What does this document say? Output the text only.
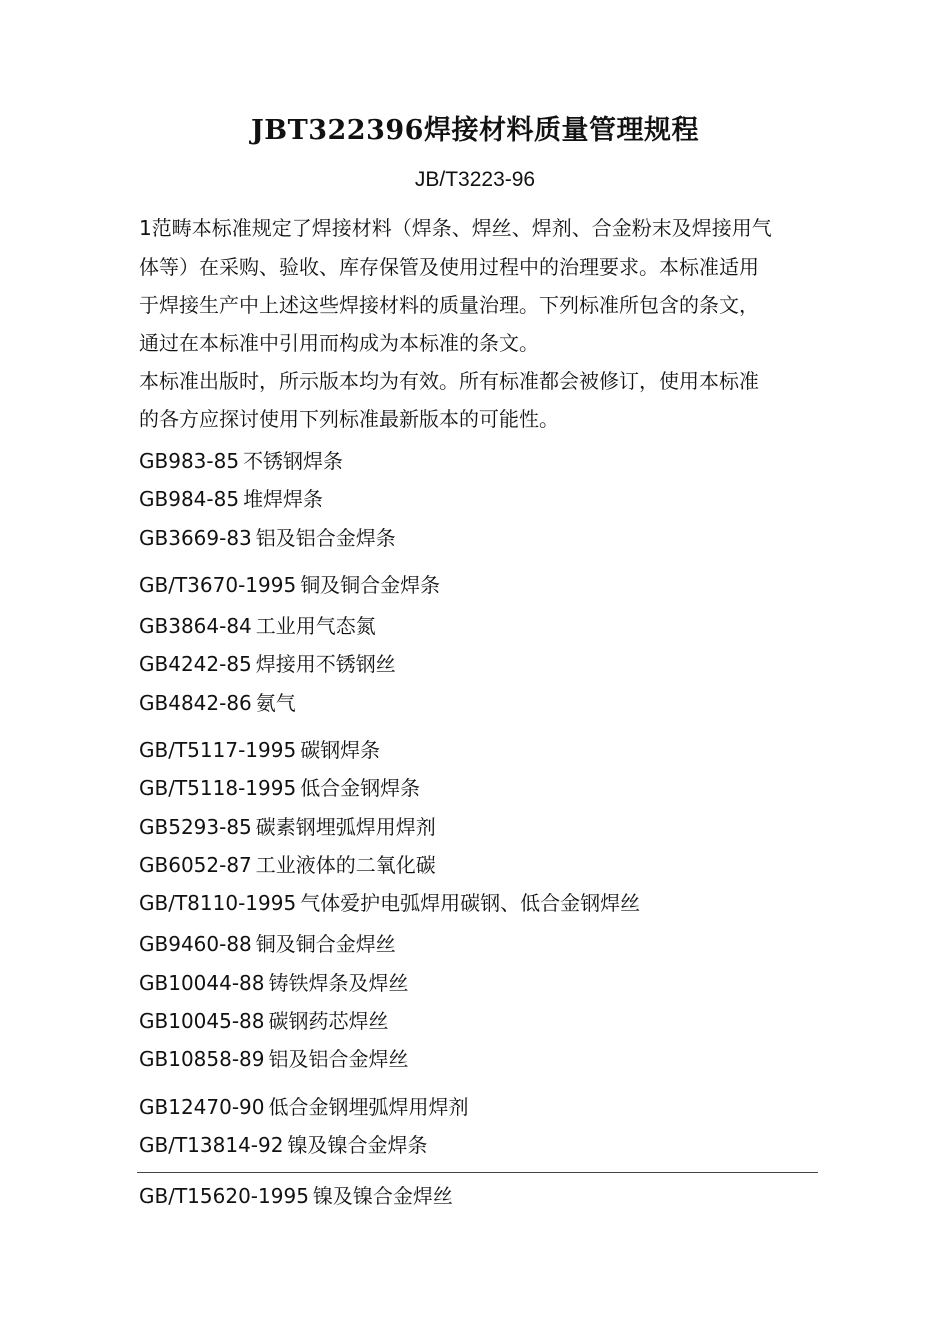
JBT322396焊接材料质量管理规程
JB/T3223-96
1范畴本标准规定了焊接材料（焊条、焊丝、焊剂、合金粉末及焊接用气
体等）在采购、验收、库存保管及使用过程中的治理要求。本标准适用
于焊接生产中上述这些焊接材料的质量治理。下列标准所包含的条文，
通过在本标准中引用而构成为本标准的条文。
本标准出版时，所示版本均为有效。所有标准都会被修订，使用本标准
的各方应探讨使用下列标准最新版本的可能性。
GB983-85 不锈钢焊条
GB984-85 堆焊焊条
GB3669-83 铝及铝合金焊条
GB/T3670-1995 铜及铜合金焊条
GB3864-84 工业用气态氮
GB4242-85 焊接用不锈钢丝
GB4842-86 氨气
GB/T5117-1995 碳钢焊条
GB/T5118-1995 低合金钢焊条
GB5293-85 碳素钢埋弧焊用焊剂
GB6052-87 工业液体的二氧化碳
GB/T8110-1995 气体爱护电弧焊用碳钢、低合金钢焊丝
GB9460-88 铜及铜合金焊丝
GB10044-88 铸铁焊条及焊丝
GB10045-88 碳钢药芯焊丝
GB10858-89 铝及铝合金焊丝
GB12470-90 低合金钢埋弧焊用焊剂
GB/T13814-92 镍及镍合金焊条
GB/T15620-1995 镍及镍合金焊丝
